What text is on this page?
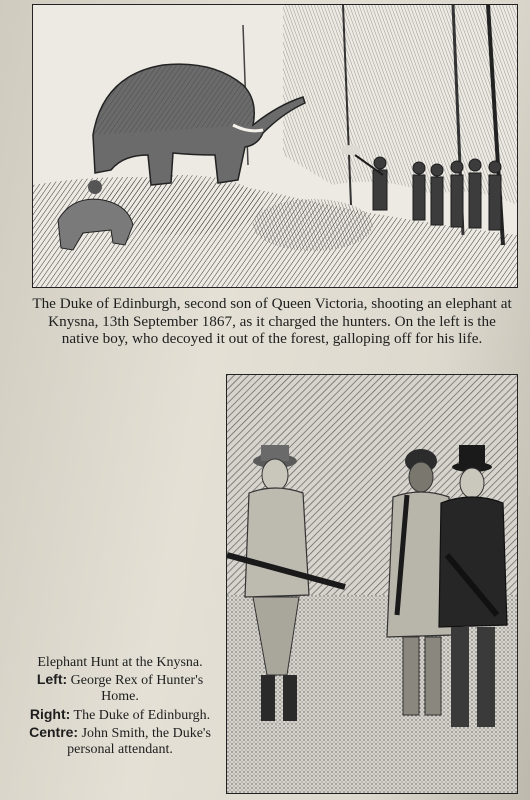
The Duke of Edinburgh, second son of Queen Victoria, shooting an elephant at Knysna, 13th September 1867, as it charged the hunters. On the left is the native boy, who decoyed it out of the forest, galloping off for his life.

Elephant Hunt at the Knysna.
Left: George Rex of Hunter's Home.
Right: The Duke of Edinburgh.
Centre: John Smith, the Duke's personal attendant.
